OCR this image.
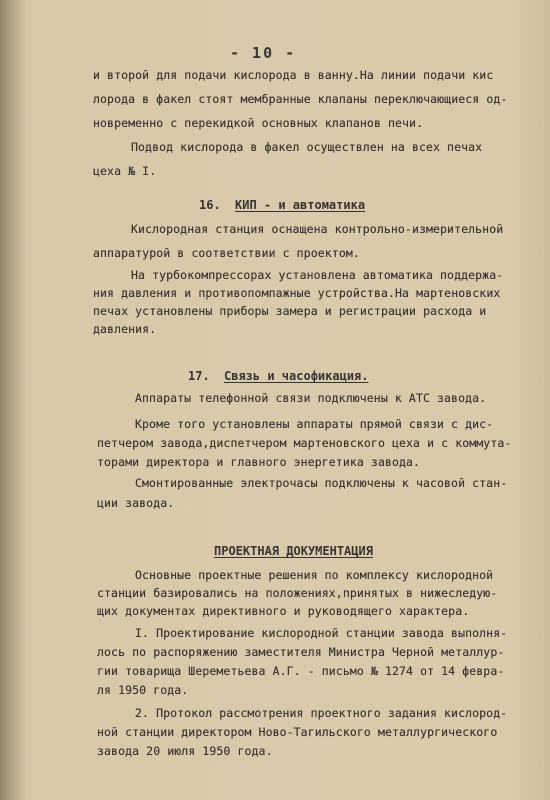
- 10 -
и второй для подачи кислорода в ванну.На линии подачи кис
лорода в факел стоят мембранные клапаны переключающиеся од-
новременно с перекидкой основных клапанов печи.
Подвод кислорода в факел осуществлен на всех печах
цеха № I.
16. КИП - и автоматика
Кислородная станция оснащена контрольно-измерительной
аппаратурой в соответствии с проектом.
На турбокомпрессорах установлена автоматика поддержа-
ния давления и противопомпажные устройства.На мартеновских
печах установлены приборы замера и регистрации расхода и
давления.
17. Связь и часофикация.
Аппараты телефонной связи подключены к АТС завода.
Кроме того установлены аппараты прямой связи с дис-
петчером завода,диспетчером мартеновского цеха и с коммута-
торами директора и главного энергетика завода.
Смонтированные электрочасы подключены к часовой стан-
ции завода.
ПРОЕКТНАЯ ДОКУМЕНТАЦИЯ
Основные проектные решения по комплексу кислородной
станции базировались на положениях,принятых в нижеследую-
щих документах директивного и руководящего характера.
I. Проектирование кислородной станции завода выполня-
лось по распоряжению заместителя Министра Черной металлур-
гии товарища Шереметьева А.Г. - письмо № 1274 от 14 февра-
ля 1950 года.
2. Протокол рассмотрения проектного задания кислород-
ной станции директором Ново-Тагильского металлургического
завода 20 июля 1950 года.
